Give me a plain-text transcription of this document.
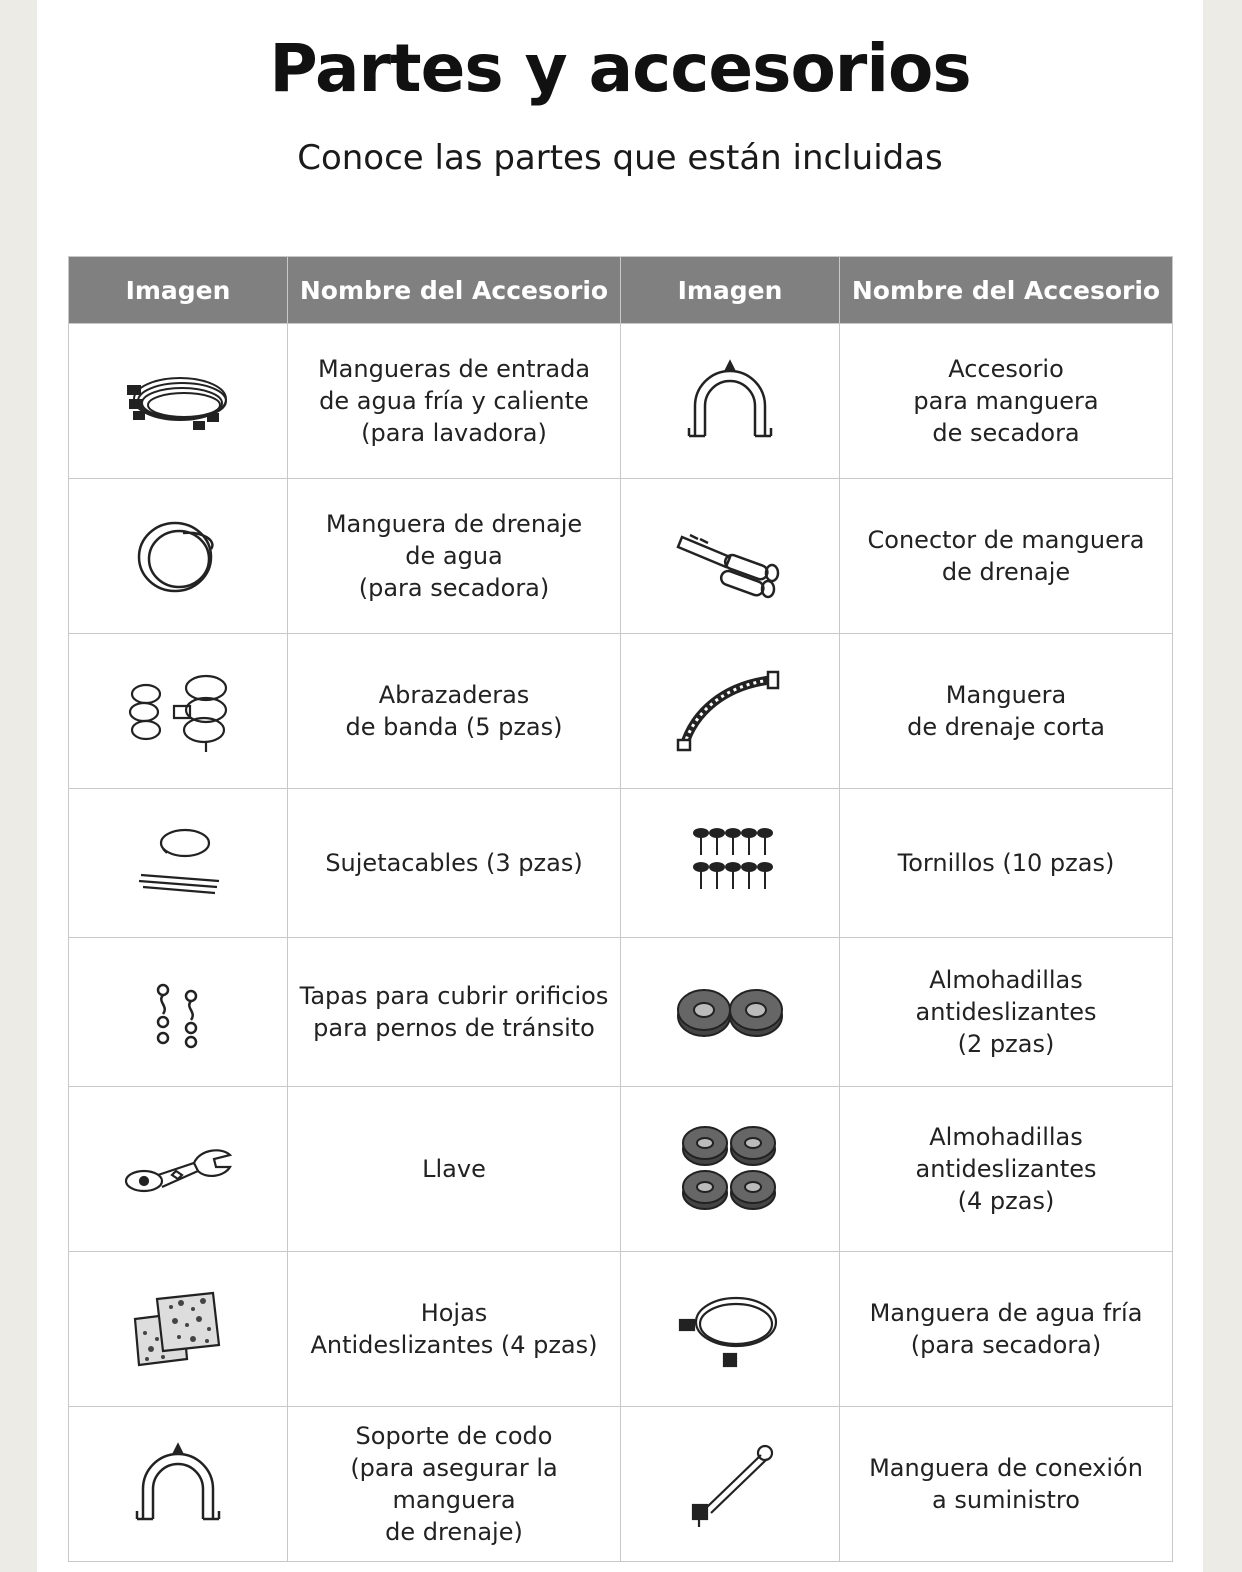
Partes y accesorios
Conoce las partes que están incluidas
Imagen	Nombre del Accesorio	Imagen	Nombre del Accesorio

	Mangueras de entrada
de agua fría y caliente
(para lavadora)		Accesorio
para manguera
de secadora

	Manguera de drenaje
de agua
(para secadora)		Conector de manguera
de drenaje

	Abrazaderas
de banda (5 pzas)		Manguera
de drenaje corta

	Sujetacables (3 pzas)		Tornillos (10 pzas)

	Tapas para cubrir orificios
para pernos de tránsito		Almohadillas
antideslizantes
(2 pzas)

	Llave		Almohadillas
antideslizantes
(4 pzas)

	Hojas
Antideslizantes (4 pzas)		Manguera de agua fría
(para secadora)

	Soporte de codo
(para asegurar la manguera
de drenaje)		Manguera de conexión
a suministro
